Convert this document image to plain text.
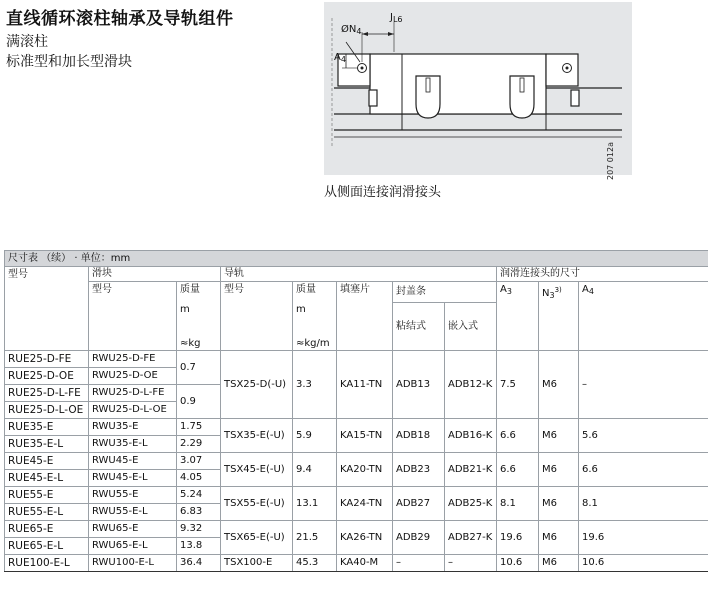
直线循环滚柱轴承及导轨组件
满滚柱
标准型和加长型滑块
$ØN_4$
$J_{L6}$
$A_4$
207 012a
从侧面连接润滑接头
尺寸表 （续） · 单位：mm										
型号	滑块		导轨					润滑连接头的尺寸		
	型号	质量
m
≈kg	型号	质量
m
≈kg/m	填塞片	封盖条		$A_3$	$N_3^{3)}$	$A_4$
						粘结式	嵌入式			
RUE25-D-FE	RWU25-D-FE	0.7	TSX25-D(-U)	3.3	KA11-TN	ADB13	ADB12-K	7.5	M6	–
RUE25-D-OE	RWU25-D-OE									
RUE25-D-L-FE	RWU25-D-L-FE	0.9								
RUE25-D-L-OE	RWU25-D-L-OE									
RUE35-E	RWU35-E	1.75	TSX35-E(-U)	5.9	KA15-TN	ADB18	ADB16-K	6.6	M6	5.6
RUE35-E-L	RWU35-E-L	2.29								
RUE45-E	RWU45-E	3.07	TSX45-E(-U)	9.4	KA20-TN	ADB23	ADB21-K	6.6	M6	6.6
RUE45-E-L	RWU45-E-L	4.05								
RUE55-E	RWU55-E	5.24	TSX55-E(-U)	13.1	KA24-TN	ADB27	ADB25-K	8.1	M6	8.1
RUE55-E-L	RWU55-E-L	6.83								
RUE65-E	RWU65-E	9.32	TSX65-E(-U)	21.5	KA26-TN	ADB29	ADB27-K	19.6	M6	19.6
RUE65-E-L	RWU65-E-L	13.8								
RUE100-E-L	RWU100-E-L	36.4	TSX100-E	45.3	KA40-M	–	–	10.6	M6	10.6
